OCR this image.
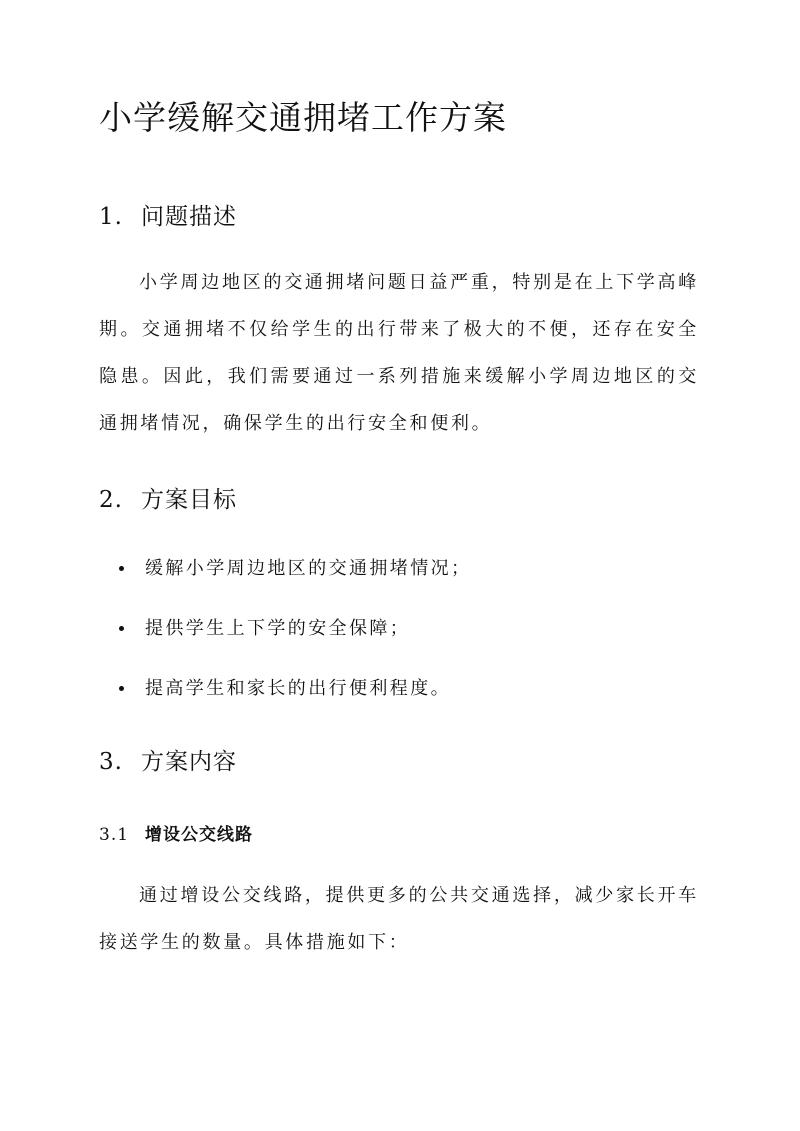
小学缓解交通拥堵工作方案
1. 问题描述

小学周边地区的交通拥堵问题日益严重，特别是在上下学高峰期。交通拥堵不仅给学生的出行带来了极大的不便，还存在安全隐患。因此，我们需要通过一系列措施来缓解小学周边地区的交通拥堵情况，确保学生的出行安全和便利。

2. 方案目标
缓解小学周边地区的交通拥堵情况；
提供学生上下学的安全保障；
提高学生和家长的出行便利程度。
3. 方案内容
3.1 增设公交线路

通过增设公交线路，提供更多的公共交通选择，减少家长开车接送学生的数量。具体措施如下：
